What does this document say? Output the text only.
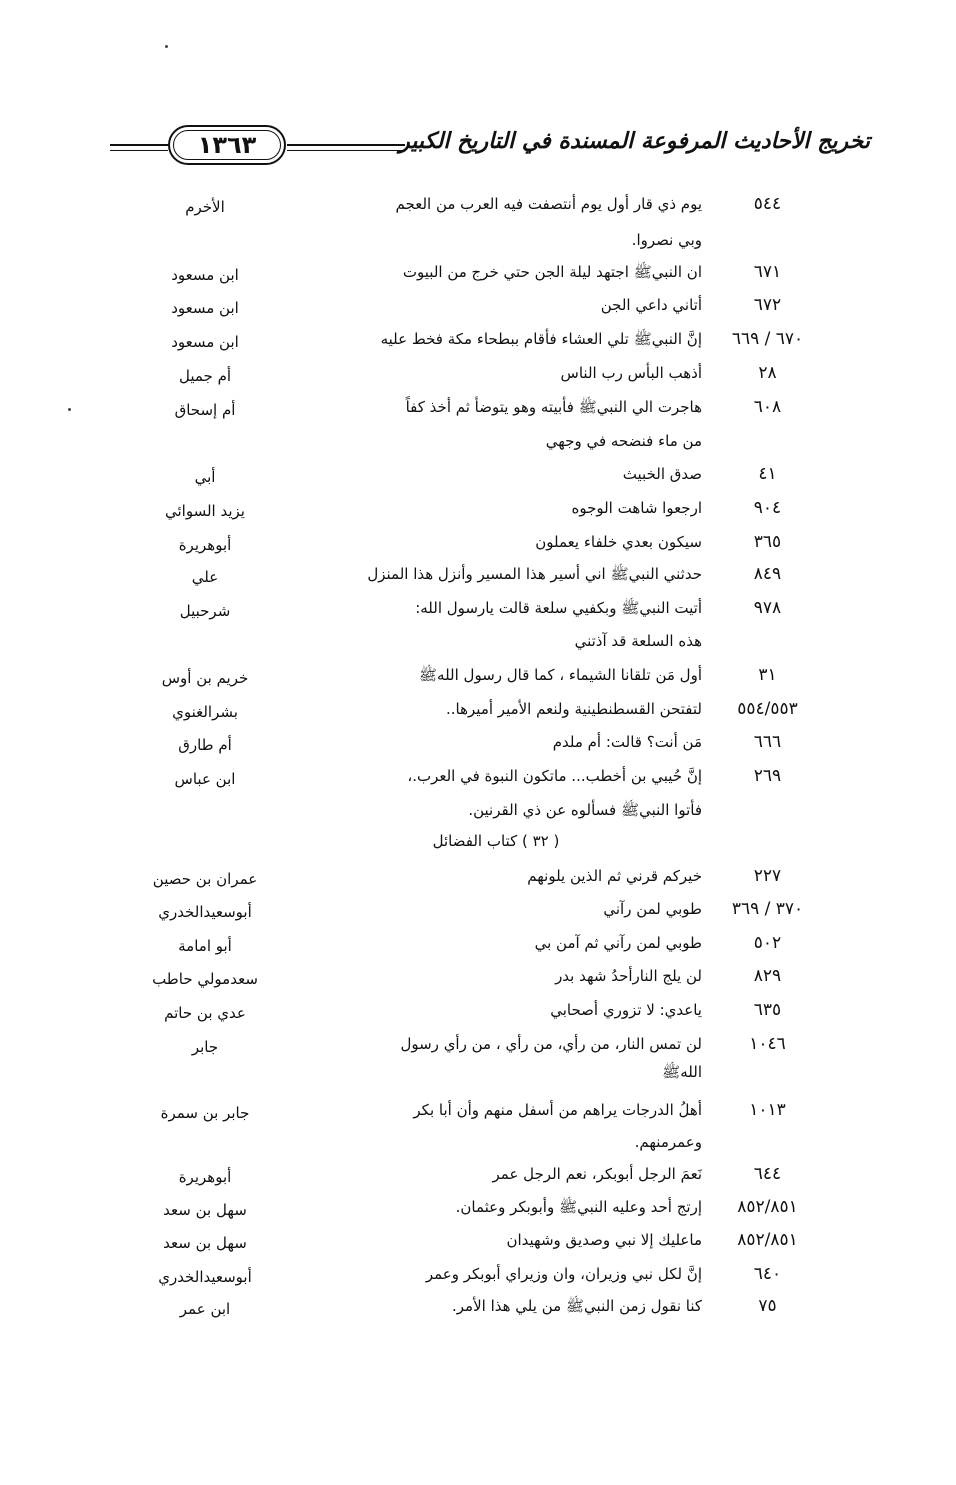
تخريج الأحاديث المرفوعة المسندة في التاريخ الكبير
١٣٦٣
٥٤٤
يوم ذي قار أول يوم أنتصفت فيه العرب من العجم
الأخرم
وبي نصروا.
٦٧١
ان النبيﷺ اجتهد ليلة الجن حتي خرج من البيوت
ابن مسعود
٦٧٢
أتاني داعي الجن
ابن مسعود
٦٧٠ / ٦٦٩
إنَّ النبيﷺ تلي العشاء فأقام ببطحاء مكة فخط عليه
ابن مسعود
٢٨
أذهب البأس رب الناس
أم جميل
٦٠٨
هاجرت الي النبيﷺ فأبيته وهو يتوضأ ثم أخذ كفاً
أم إسحاق
من ماء فنضحه في وجهي
٤١
صدق الخبيث
أبي
٩٠٤
ارجعوا شاهت الوجوه
يزيد السوائي
٣٦٥
سيكون بعدي خلفاء يعملون
أبوهريرة
٨٤٩
حدثني النبيﷺ اني أسير هذا المسير وأنزل هذا المنزل
علي
٩٧٨
أتيت النبيﷺ وبكفيي سلعة قالت يارسول الله:
شرحبيل
هذه السلعة قد آذتني
٣١
أول مَن تلقانا الشيماء ، كما قال رسول اللهﷺ
خريم بن أوس
٥٥٤/٥٥٣
لتفتحن القسطنطينية ولنعم الأمير أميرها..
بشرالغنوي
٦٦٦
مَن أنت؟ قالت: أم ملدم
أم طارق
٢٦٩
إنَّ حُيبي بن أخطب... ماتكون النبوة في العرب.،
ابن عباس
فأتوا النبيﷺ فسألوه عن ذي القرنين.
( ٣٢ ) كتاب الفضائل
٢٢٧
خيركم قرني ثم الذين يلونهم
عمران بن حصين
٣٧٠ / ٣٦٩
طوبي لمن رآني
أبوسعيدالخدري
٥٠٢
طوبي لمن رآني ثم آمن بي
أبو امامة
٨٢٩
لن يلج النارأحدُ شهد بدر
سعدمولي حاطب
٦٣٥
ياعدي: لا تزوري أصحابي
عدي بن حاتم
١٠٤٦
لن تمس النار، من رأي، من رأي ، من رأي رسول
جابر
اللهﷺ
١٠١٣
أهلُ الدرجات يراهم من أسفل منهم وأن أبا بكر
جابر بن سمرة
وعمرمنهم.
٦٤٤
نَعمَ الرجل أبوبكر، نعم الرجل عمر
أبوهريرة
٨٥٢/٨٥١
إرتج أحد وعليه النبيﷺ وأبوبكر وعثمان.
سهل بن سعد
٨٥٢/٨٥١
ماعليك إلا نبي وصديق وشهيدان
سهل بن سعد
٦٤٠
إنَّ لكل نبي وزيران، وان وزيراي أبوبكر وعمر
أبوسعيدالخدري
٧٥
كنا نقول زمن النبيﷺ من يلي هذا الأمر.
ابن عمر
